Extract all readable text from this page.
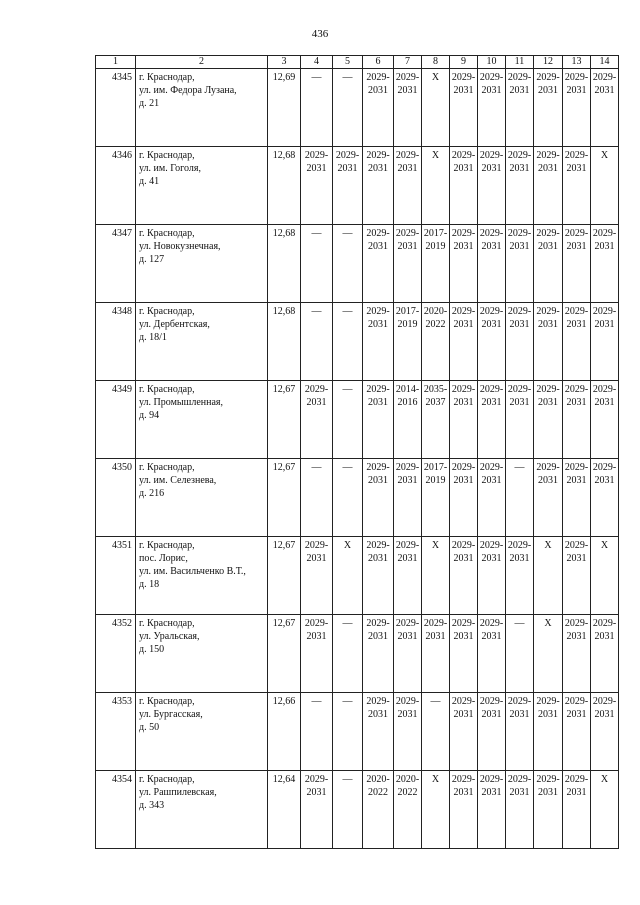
436
1	2	3	4	5	6	7	8	9	10	11	12	13	14
4345	г. Краснодар,
ул. им. Федора Лузана,
д. 21	12,69	—	—	2029-
2031	2029-
2031	X	2029-
2031	2029-
2031	2029-
2031	2029-
2031	2029-
2031	2029-
2031
4346	г. Краснодар,
ул. им. Гоголя,
д. 41	12,68	2029-
2031	2029-
2031	2029-
2031	2029-
2031	X	2029-
2031	2029-
2031	2029-
2031	2029-
2031	2029-
2031	X
4347	г. Краснодар,
ул. Новокузнечная,
д. 127	12,68	—	—	2029-
2031	2029-
2031	2017-
2019	2029-
2031	2029-
2031	2029-
2031	2029-
2031	2029-
2031	2029-
2031
4348	г. Краснодар,
ул. Дербентская,
д. 18/1	12,68	—	—	2029-
2031	2017-
2019	2020-
2022	2029-
2031	2029-
2031	2029-
2031	2029-
2031	2029-
2031	2029-
2031
4349	г. Краснодар,
ул. Промышленная,
д. 94	12,67	2029-
2031	—	2029-
2031	2014-
2016	2035-
2037	2029-
2031	2029-
2031	2029-
2031	2029-
2031	2029-
2031	2029-
2031
4350	г. Краснодар,
ул. им. Селезнева,
д. 216	12,67	—	—	2029-
2031	2029-
2031	2017-
2019	2029-
2031	2029-
2031	—	2029-
2031	2029-
2031	2029-
2031
4351	г. Краснодар,
пос. Лорис,
ул. им. Васильченко В.Т.,
д. 18	12,67	2029-
2031	X	2029-
2031	2029-
2031	X	2029-
2031	2029-
2031	2029-
2031	X	2029-
2031	X
4352	г. Краснодар,
ул. Уральская,
д. 150	12,67	2029-
2031	—	2029-
2031	2029-
2031	2029-
2031	2029-
2031	2029-
2031	—	X	2029-
2031	2029-
2031
4353	г. Краснодар,
ул. Бургасская,
д. 50	12,66	—	—	2029-
2031	2029-
2031	—	2029-
2031	2029-
2031	2029-
2031	2029-
2031	2029-
2031	2029-
2031
4354	г. Краснодар,
ул. Рашпилевская,
д. 343	12,64	2029-
2031	—	2020-
2022	2020-
2022	X	2029-
2031	2029-
2031	2029-
2031	2029-
2031	2029-
2031	X
